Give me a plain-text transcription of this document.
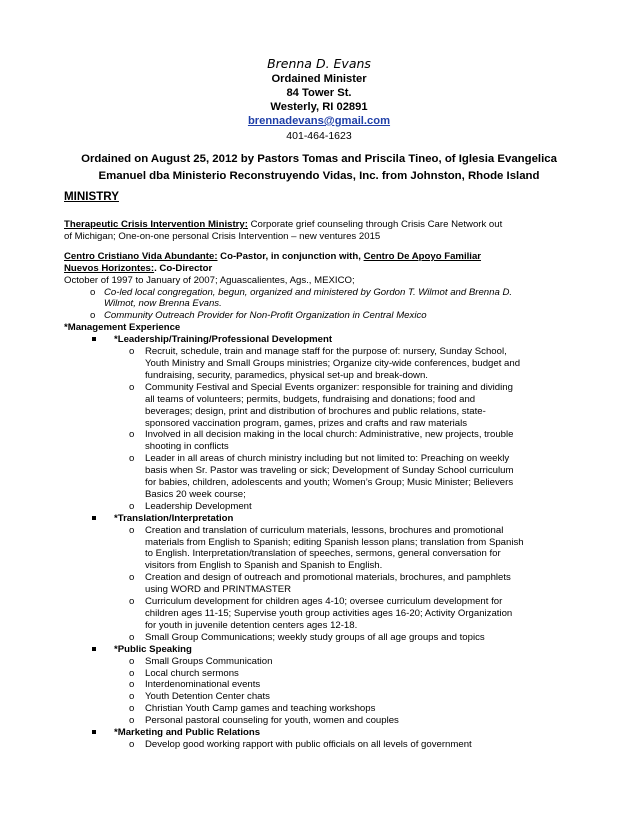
Brenna D. Evans
Ordained Minister
84 Tower St.
Westerly, RI 02891
brennadevans@gmail.com
401-464-1623
Ordained on August 25, 2012 by Pastors Tomas and Priscila Tineo, of Iglesia Evangelica
Emanuel dba Ministerio Reconstruyendo Vidas, Inc. from Johnston, Rhode Island
MINISTRY

Therapeutic Crisis Intervention Ministry: Corporate grief counseling through Crisis Care Network out

of Michigan; One-on-one personal Crisis Intervention – new ventures 2015

Centro Cristiano Vida Abundante: Co-Pastor, in conjunction with, Centro De Apoyo Familiar

Nuevos Horizontes:. Co-Director

October of 1997 to January of 2007; Aguascalientes, Ags., MEXICO;

o Co-led local congregation, begun, organized and ministered by Gordon T. Wilmot and Brenna D.

Wilmot, now Brenna Evans.

o Community Outreach Provider for Non-Profit Organization in Central Mexico

*Management Experience

*Leadership/Training/Professional Development

o Recruit, schedule, train and manage staff for the purpose of: nursery, Sunday School,

Youth Ministry and Small Groups ministries; Organize city-wide conferences, budget and

fundraising, security, paramedics, physical set-up and break-down.

o Community Festival and Special Events organizer: responsible for training and dividing

all teams of volunteers; permits, budgets, fundraising and donations; food and

beverages; design, print and distribution of brochures and public relations, state-

sponsored vaccination program, games, prizes and crafts and raw materials

o Involved in all decision making in the local church: Administrative, new projects, trouble

shooting in conflicts

o Leader in all areas of church ministry including but not limited to: Preaching on weekly

basis when Sr. Pastor was traveling or sick; Development of Sunday School curriculum

for babies, children, adolescents and youth; Women’s Group; Music Minister; Believers

Basics 20 week course;

o Leadership Development

*Translation/Interpretation

o Creation and translation of curriculum materials, lessons, brochures and promotional

materials from English to Spanish; editing Spanish lesson plans; translation from Spanish

to English. Interpretation/translation of speeches, sermons, general conversation for

visitors from English to Spanish and Spanish to English.

o Creation and design of outreach and promotional materials, brochures, and pamphlets

using WORD and PRINTMASTER

o Curriculum development for children ages 4-10; oversee curriculum development for

children ages 11-15; Supervise youth group activities ages 16-20; Activity Organization

for youth in juvenile detention centers ages 12-18.

o Small Group Communications; weekly study groups of all age groups and topics

*Public Speaking

o Small Groups Communication

o Local church sermons

o Interdenominational events

o Youth Detention Center chats

o Christian Youth Camp games and teaching workshops

o Personal pastoral counseling for youth, women and couples

*Marketing and Public Relations

o Develop good working rapport with public officials on all levels of government
